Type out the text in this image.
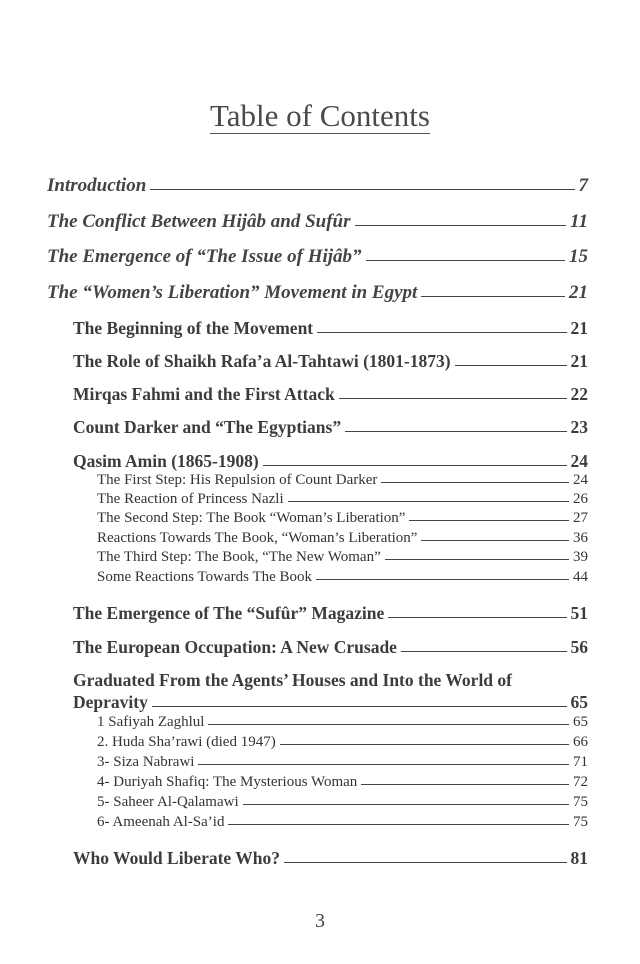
Table of Contents
Introduction	7
The Conflict Between Hijâb and Sufûr	11
The Emergence of “The Issue of Hijâb”	15
The “Women’s Liberation” Movement in Egypt	21
The Beginning of the Movement	21
The Role of Shaikh Rafa’a Al-Tahtawi (1801-1873)	21
Mirqas Fahmi and the First Attack	22
Count Darker and “The Egyptians”	23
Qasim Amin (1865-1908)	24
The First Step: His Repulsion of Count Darker	24
The Reaction of Princess Nazli	26
The Second Step: The Book “Woman’s Liberation”	27
Reactions Towards The Book, “Woman’s Liberation”	36
The Third Step: The Book, “The New Woman”	39
Some Reactions Towards The Book	44
The Emergence of The “Sufûr” Magazine	51
The European Occupation: A New Crusade	56
Graduated From the Agents’ Houses and Into the World of
Depravity	65
1 Safiyah Zaghlul	65
2. Huda Sha’rawi (died 1947)	66
3- Siza Nabrawi	71
4- Duriyah Shafiq: The Mysterious Woman	72
5- Saheer Al-Qalamawi	75
6- Ameenah Al-Sa’id	75
Who Would Liberate Who?	81
3
